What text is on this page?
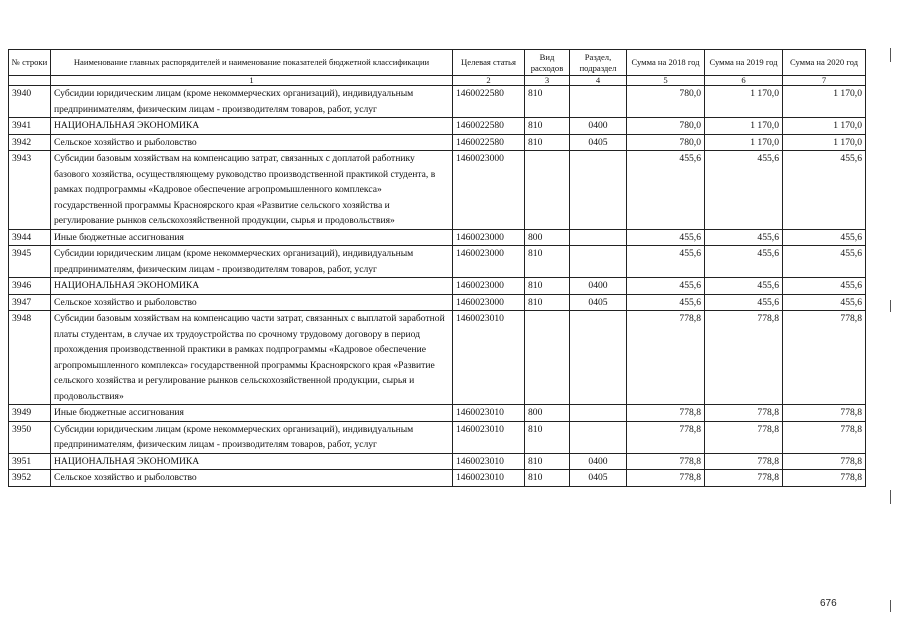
№ строки	Наименование главных распорядителей и наименование показателей бюджетной классификации	Целевая статья	Вид расходов	Раздел, подраздел	Сумма на 2018 год	Сумма на 2019 год	Сумма на 2020 год
	1	2	3	4	5	6	7
3940	Субсидии юридическим лицам (кроме некоммерческих организаций), индивидуальным предпринимателям, физическим лицам - производителям товаров, работ, услуг	1460022580	810		780,0	1 170,0	1 170,0
3941	НАЦИОНАЛЬНАЯ ЭКОНОМИКА	1460022580	810	0400	780,0	1 170,0	1 170,0
3942	Сельское хозяйство и рыболовство	1460022580	810	0405	780,0	1 170,0	1 170,0
3943	Субсидии базовым хозяйствам на компенсацию затрат, связанных с доплатой работнику базового хозяйства, осуществляющему руководство производственной практикой студента, в рамках подпрограммы «Кадровое обеспечение агропромышленного комплекса» государственной программы Красноярского края «Развитие сельского хозяйства и регулирование рынков сельскохозяйственной продукции, сырья и продовольствия»	1460023000			455,6	455,6	455,6
3944	Иные бюджетные ассигнования	1460023000	800		455,6	455,6	455,6
3945	Субсидии юридическим лицам (кроме некоммерческих организаций), индивидуальным предпринимателям, физическим лицам - производителям товаров, работ, услуг	1460023000	810		455,6	455,6	455,6
3946	НАЦИОНАЛЬНАЯ ЭКОНОМИКА	1460023000	810	0400	455,6	455,6	455,6
3947	Сельское хозяйство и рыболовство	1460023000	810	0405	455,6	455,6	455,6
3948	Субсидии базовым хозяйствам на компенсацию части затрат, связанных с выплатой заработной платы студентам, в случае их трудоустройства по срочному трудовому договору в период прохождения производственной практики в рамках подпрограммы «Кадровое обеспечение агропромышленного комплекса» государственной программы Красноярского края «Развитие сельского хозяйства и регулирование рынков сельскохозяйственной продукции, сырья и продовольствия»	1460023010			778,8	778,8	778,8
3949	Иные бюджетные ассигнования	1460023010	800		778,8	778,8	778,8
3950	Субсидии юридическим лицам (кроме некоммерческих организаций), индивидуальным предпринимателям, физическим лицам - производителям товаров, работ, услуг	1460023010	810		778,8	778,8	778,8
3951	НАЦИОНАЛЬНАЯ ЭКОНОМИКА	1460023010	810	0400	778,8	778,8	778,8
3952	Сельское хозяйство и рыболовство	1460023010	810	0405	778,8	778,8	778,8
676
